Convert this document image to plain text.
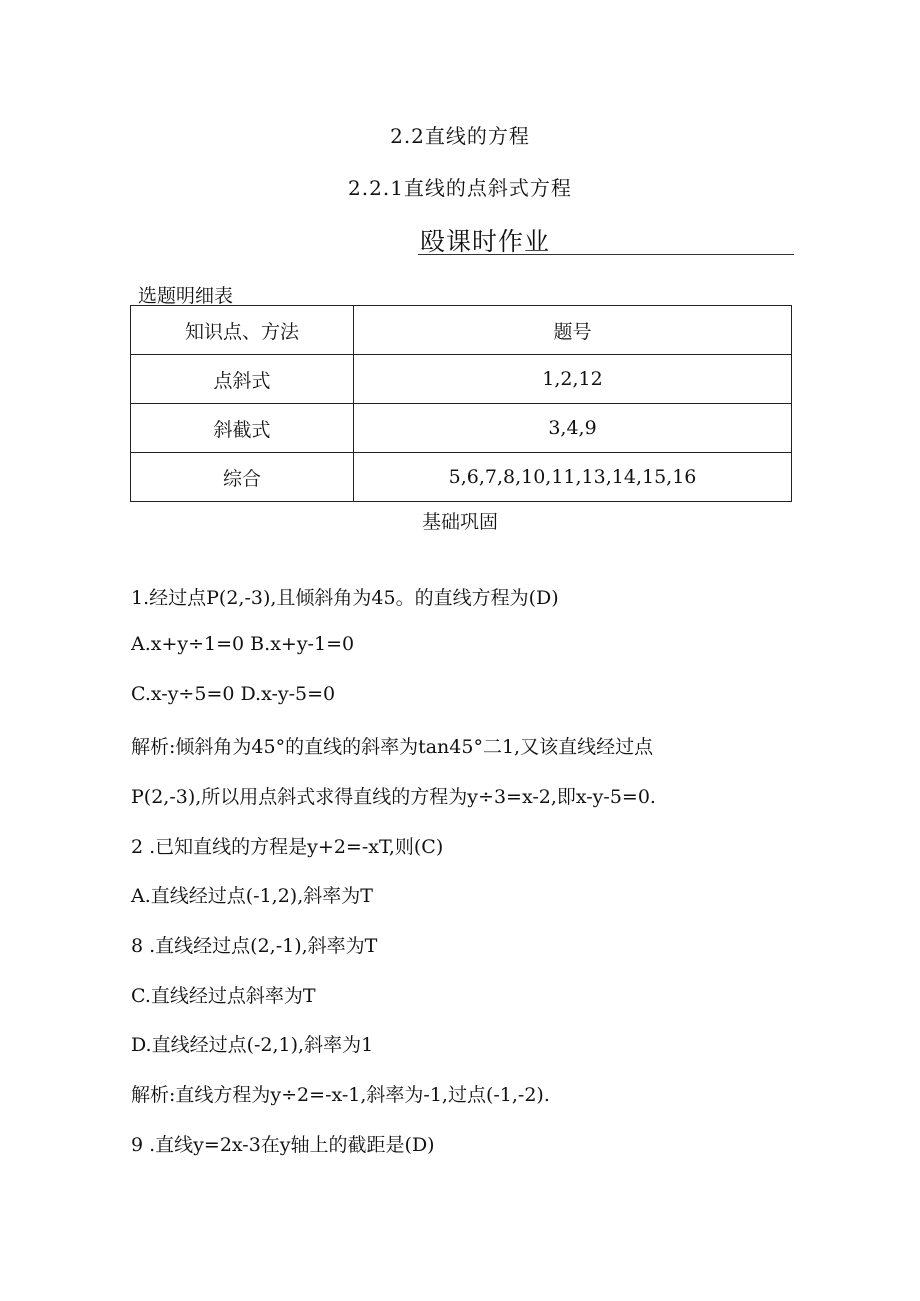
2.2直线的方程
2.2.1直线的点斜式方程
殴课时作业
选题明细表
知识点、方法	题号
点斜式	1,2,12
斜截式	3,4,9
综合	5,6,7,8,10,11,13,14,15,16
基础巩固
1.经过点P(2,-3),且倾斜角为45。的直线方程为(D)
A.x+y÷1=0 B.x+y-1=0
C.x-y÷5=0 D.x-y-5=0
解析:倾斜角为45°的直线的斜率为tan45°二1,又该直线经过点
P(2,-3),所以用点斜式求得直线的方程为y÷3=x-2,即x-y-5=0.
2 .已知直线的方程是y+2=-xT,则(C)
A.直线经过点(-1,2),斜率为T
8 .直线经过点(2,-1),斜率为T
C.直线经过点斜率为T
D.直线经过点(-2,1),斜率为1
解析:直线方程为y÷2=-x-1,斜率为-1,过点(-1,-2).
9 .直线y=2x-3在y轴上的截距是(D)
